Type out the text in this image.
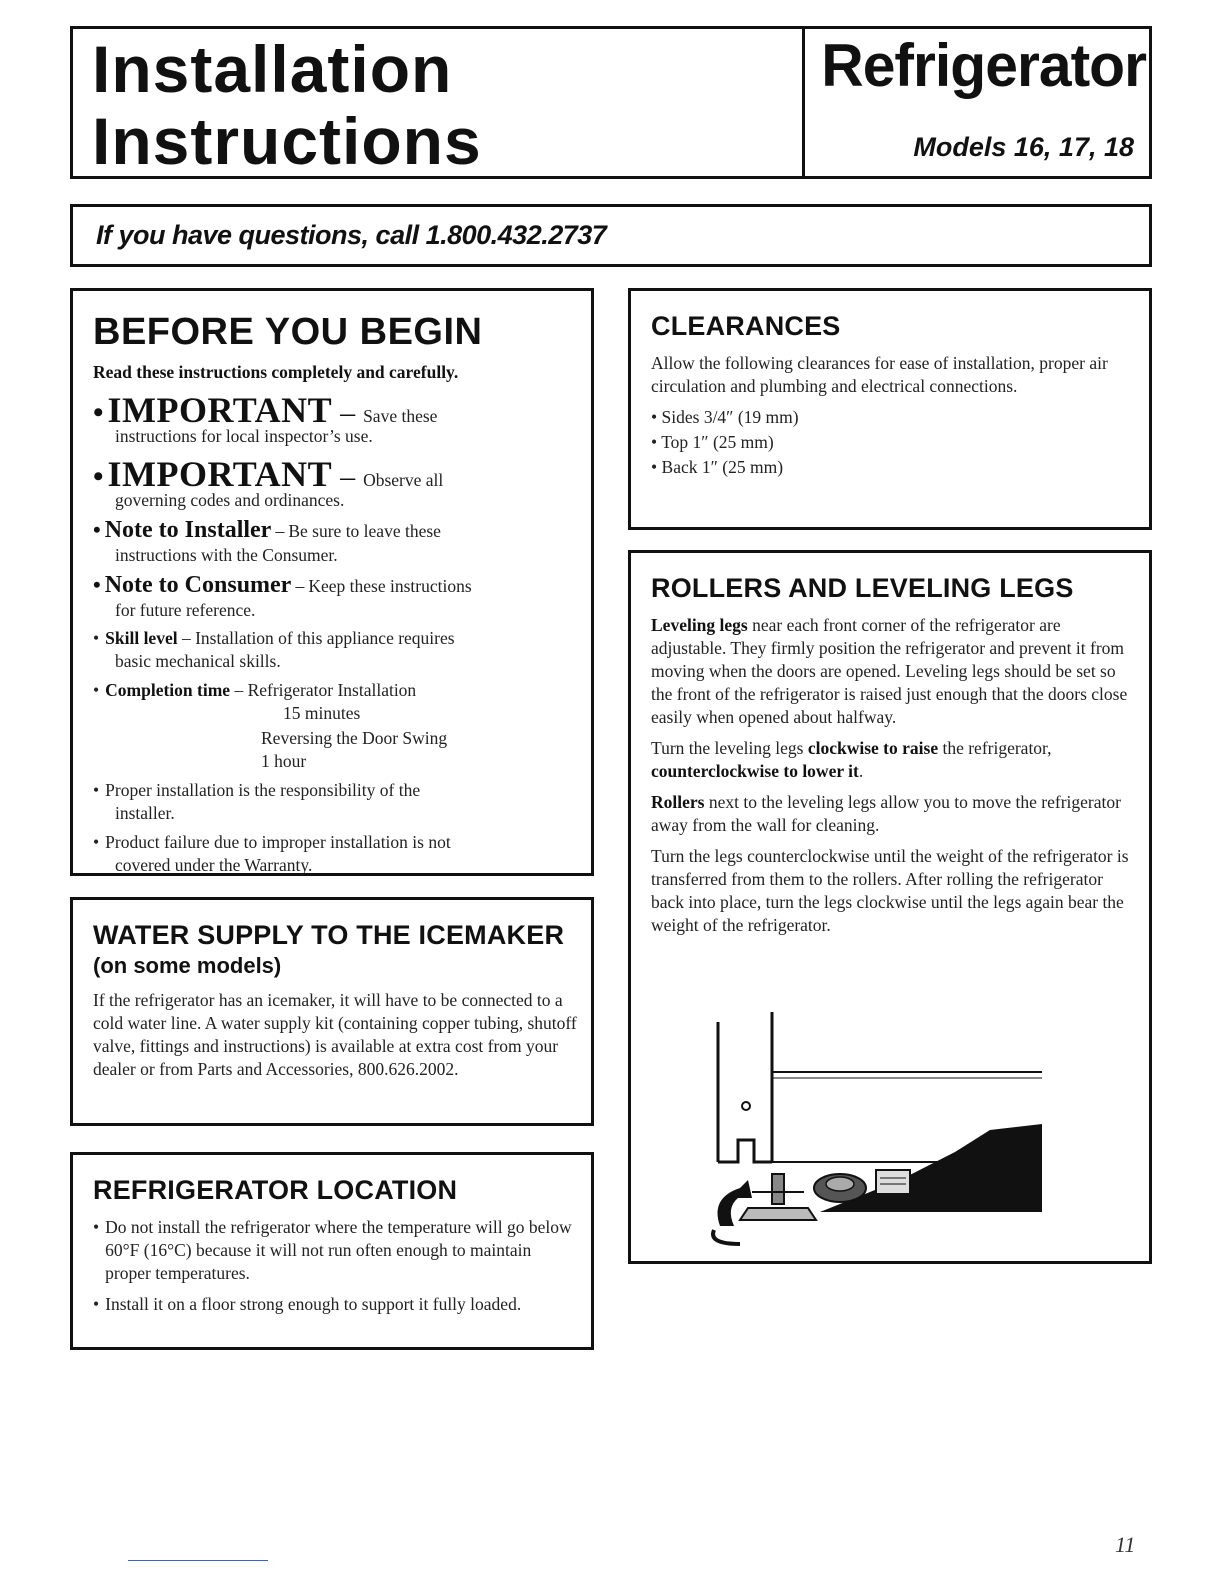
Installation
Instructions
Refrigerator
Models 16, 17, 18
If you have questions, call 1.800.432.2737
BEFORE YOU BEGIN
Read these instructions completely and carefully.
• IMPORTANT – Save these
instructions for local inspector’s use.
• IMPORTANT – Observe all
governing codes and ordinances.
• Note to Installer – Be sure to leave these
instructions with the Consumer.
• Note to Consumer – Keep these instructions
for future reference.
• Skill level – Installation of this appliance requires
basic mechanical skills.
• Completion time – Refrigerator Installation
15 minutes
Reversing the Door Swing
1 hour
• Proper installation is the responsibility of the
installer.
• Product failure due to improper installation is not
covered under the Warranty.
WATER SUPPLY TO THE ICEMAKER
(on some models)
If the refrigerator has an icemaker, it will have to be connected to a cold water line. A water supply kit (containing copper tubing, shutoff valve, fittings and instructions) is available at extra cost from your dealer or from Parts and Accessories, 800.626.2002.
REFRIGERATOR LOCATION
• Do not install the refrigerator where the temperature will go below 60°F (16°C) because it will not run often enough to maintain proper temperatures.
• Install it on a floor strong enough to support it fully loaded.
CLEARANCES
Allow the following clearances for ease of installation, proper air circulation and plumbing and electrical connections.
• Sides 3/4″ (19 mm)
• Top 1″ (25 mm)
• Back 1″ (25 mm)
ROLLERS AND LEVELING LEGS
Leveling legs near each front corner of the refrigerator are adjustable. They firmly position the refrigerator and prevent it from moving when the doors are opened. Leveling legs should be set so the front of the refrigerator is raised just enough that the doors close easily when opened about halfway.
Turn the leveling legs clockwise to raise the refrigerator, counterclockwise to lower it.
Rollers next to the leveling legs allow you to move the refrigerator away from the wall for cleaning.
Turn the legs counterclockwise until the weight of the refrigerator is transferred from them to the rollers. After rolling the refrigerator back into place, turn the legs clockwise until the legs again bear the weight of the refrigerator.
11
